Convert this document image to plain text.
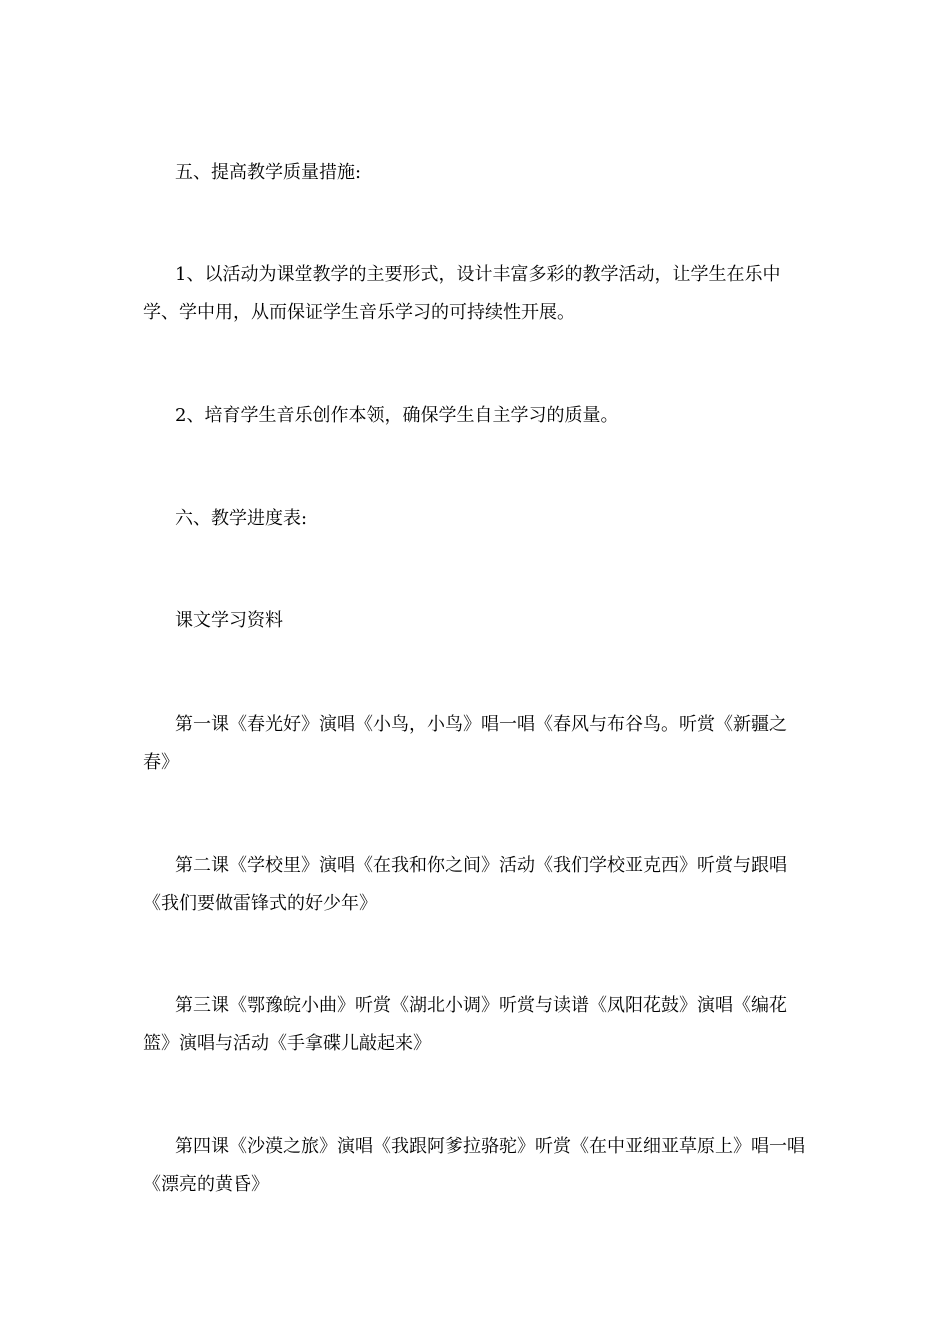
五、提高教学质量措施:

1、以活动为课堂教学的主要形式，设计丰富多彩的教学活动，让学生在乐中学、学中用，从而保证学生音乐学习的可持续性开展。

2、培育学生音乐创作本领，确保学生自主学习的质量。

六、教学进度表:

课文学习资料

第一课《春光好》演唱《小鸟，小鸟》唱一唱《春风与布谷鸟。听赏《新疆之春》

第二课《学校里》演唱《在我和你之间》活动《我们学校亚克西》听赏与跟唱《我们要做雷锋式的好少年》

第三课《鄂豫皖小曲》听赏《湖北小调》听赏与读谱《凤阳花鼓》演唱《编花篮》演唱与活动《手拿碟儿敲起来》

第四课《沙漠之旅》演唱《我跟阿爹拉骆驼》听赏《在中亚细亚草原上》唱一唱《漂亮的黄昏》
